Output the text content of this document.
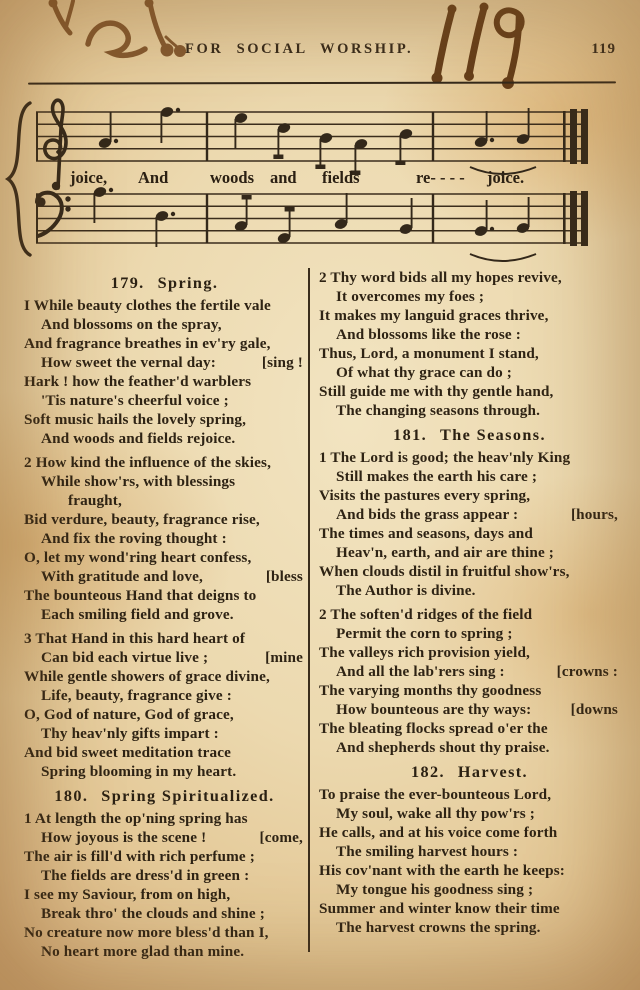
FOR SOCIAL WORSHIP.	119
joice, And	woods and fields	re- - - - joice.
179. Spring.
I While beauty clothes the fertile vale
And blossoms on the spray,
And fragrance breathes in ev'ry gale,
How sweet the vernal day:	[sing !
Hark ! how the feather'd warblers
'Tis nature's cheerful voice ;
Soft music hails the lovely spring,
And woods and fields rejoice.
2 How kind the influence of the skies,
While show'rs, with blessings
fraught,
Bid verdure, beauty, fragrance rise,
And fix the roving thought :
O, let my wond'ring heart confess,
With gratitude and love,	[bless
The bounteous Hand that deigns to
Each smiling field and grove.
3 That Hand in this hard heart of
Can bid each virtue live ;	[mine
While gentle showers of grace divine,
Life, beauty, fragrance give :
O, God of nature, God of grace,
Thy heav'nly gifts impart :
And bid sweet meditation trace
Spring blooming in my heart.
180. Spring Spiritualized.
1 At length the op'ning spring has
How joyous is the scene !	[come,
The air is fill'd with rich perfume ;
The fields are dress'd in green :
I see my Saviour, from on high,
Break thro' the clouds and shine ;
No creature now more bless'd than I,
No heart more glad than mine.
2 Thy word bids all my hopes revive,
It overcomes my foes ;
It makes my languid graces thrive,
And blossoms like the rose :
Thus, Lord, a monument I stand,
Of what thy grace can do ;
Still guide me with thy gentle hand,
The changing seasons through.
181. The Seasons.
1 The Lord is good; the heav'nly King
Still makes the earth his care ;
Visits the pastures every spring,
And bids the grass appear :	[hours,
The times and seasons, days and
Heav'n, earth, and air are thine ;
When clouds distil in fruitful show'rs,
The Author is divine.
2 The soften'd ridges of the field
Permit the corn to spring ;
The valleys rich provision yield,
And all the lab'rers sing :	[crowns :
The varying months thy goodness
How bounteous are thy ways:	[downs
The bleating flocks spread o'er the
And shepherds shout thy praise.
182. Harvest.
To praise the ever-bounteous Lord,
My soul, wake all thy pow'rs ;
He calls, and at his voice come forth
The smiling harvest hours :
His cov'nant with the earth he keeps:
My tongue his goodness sing ;
Summer and winter know their time
The harvest crowns the spring.
